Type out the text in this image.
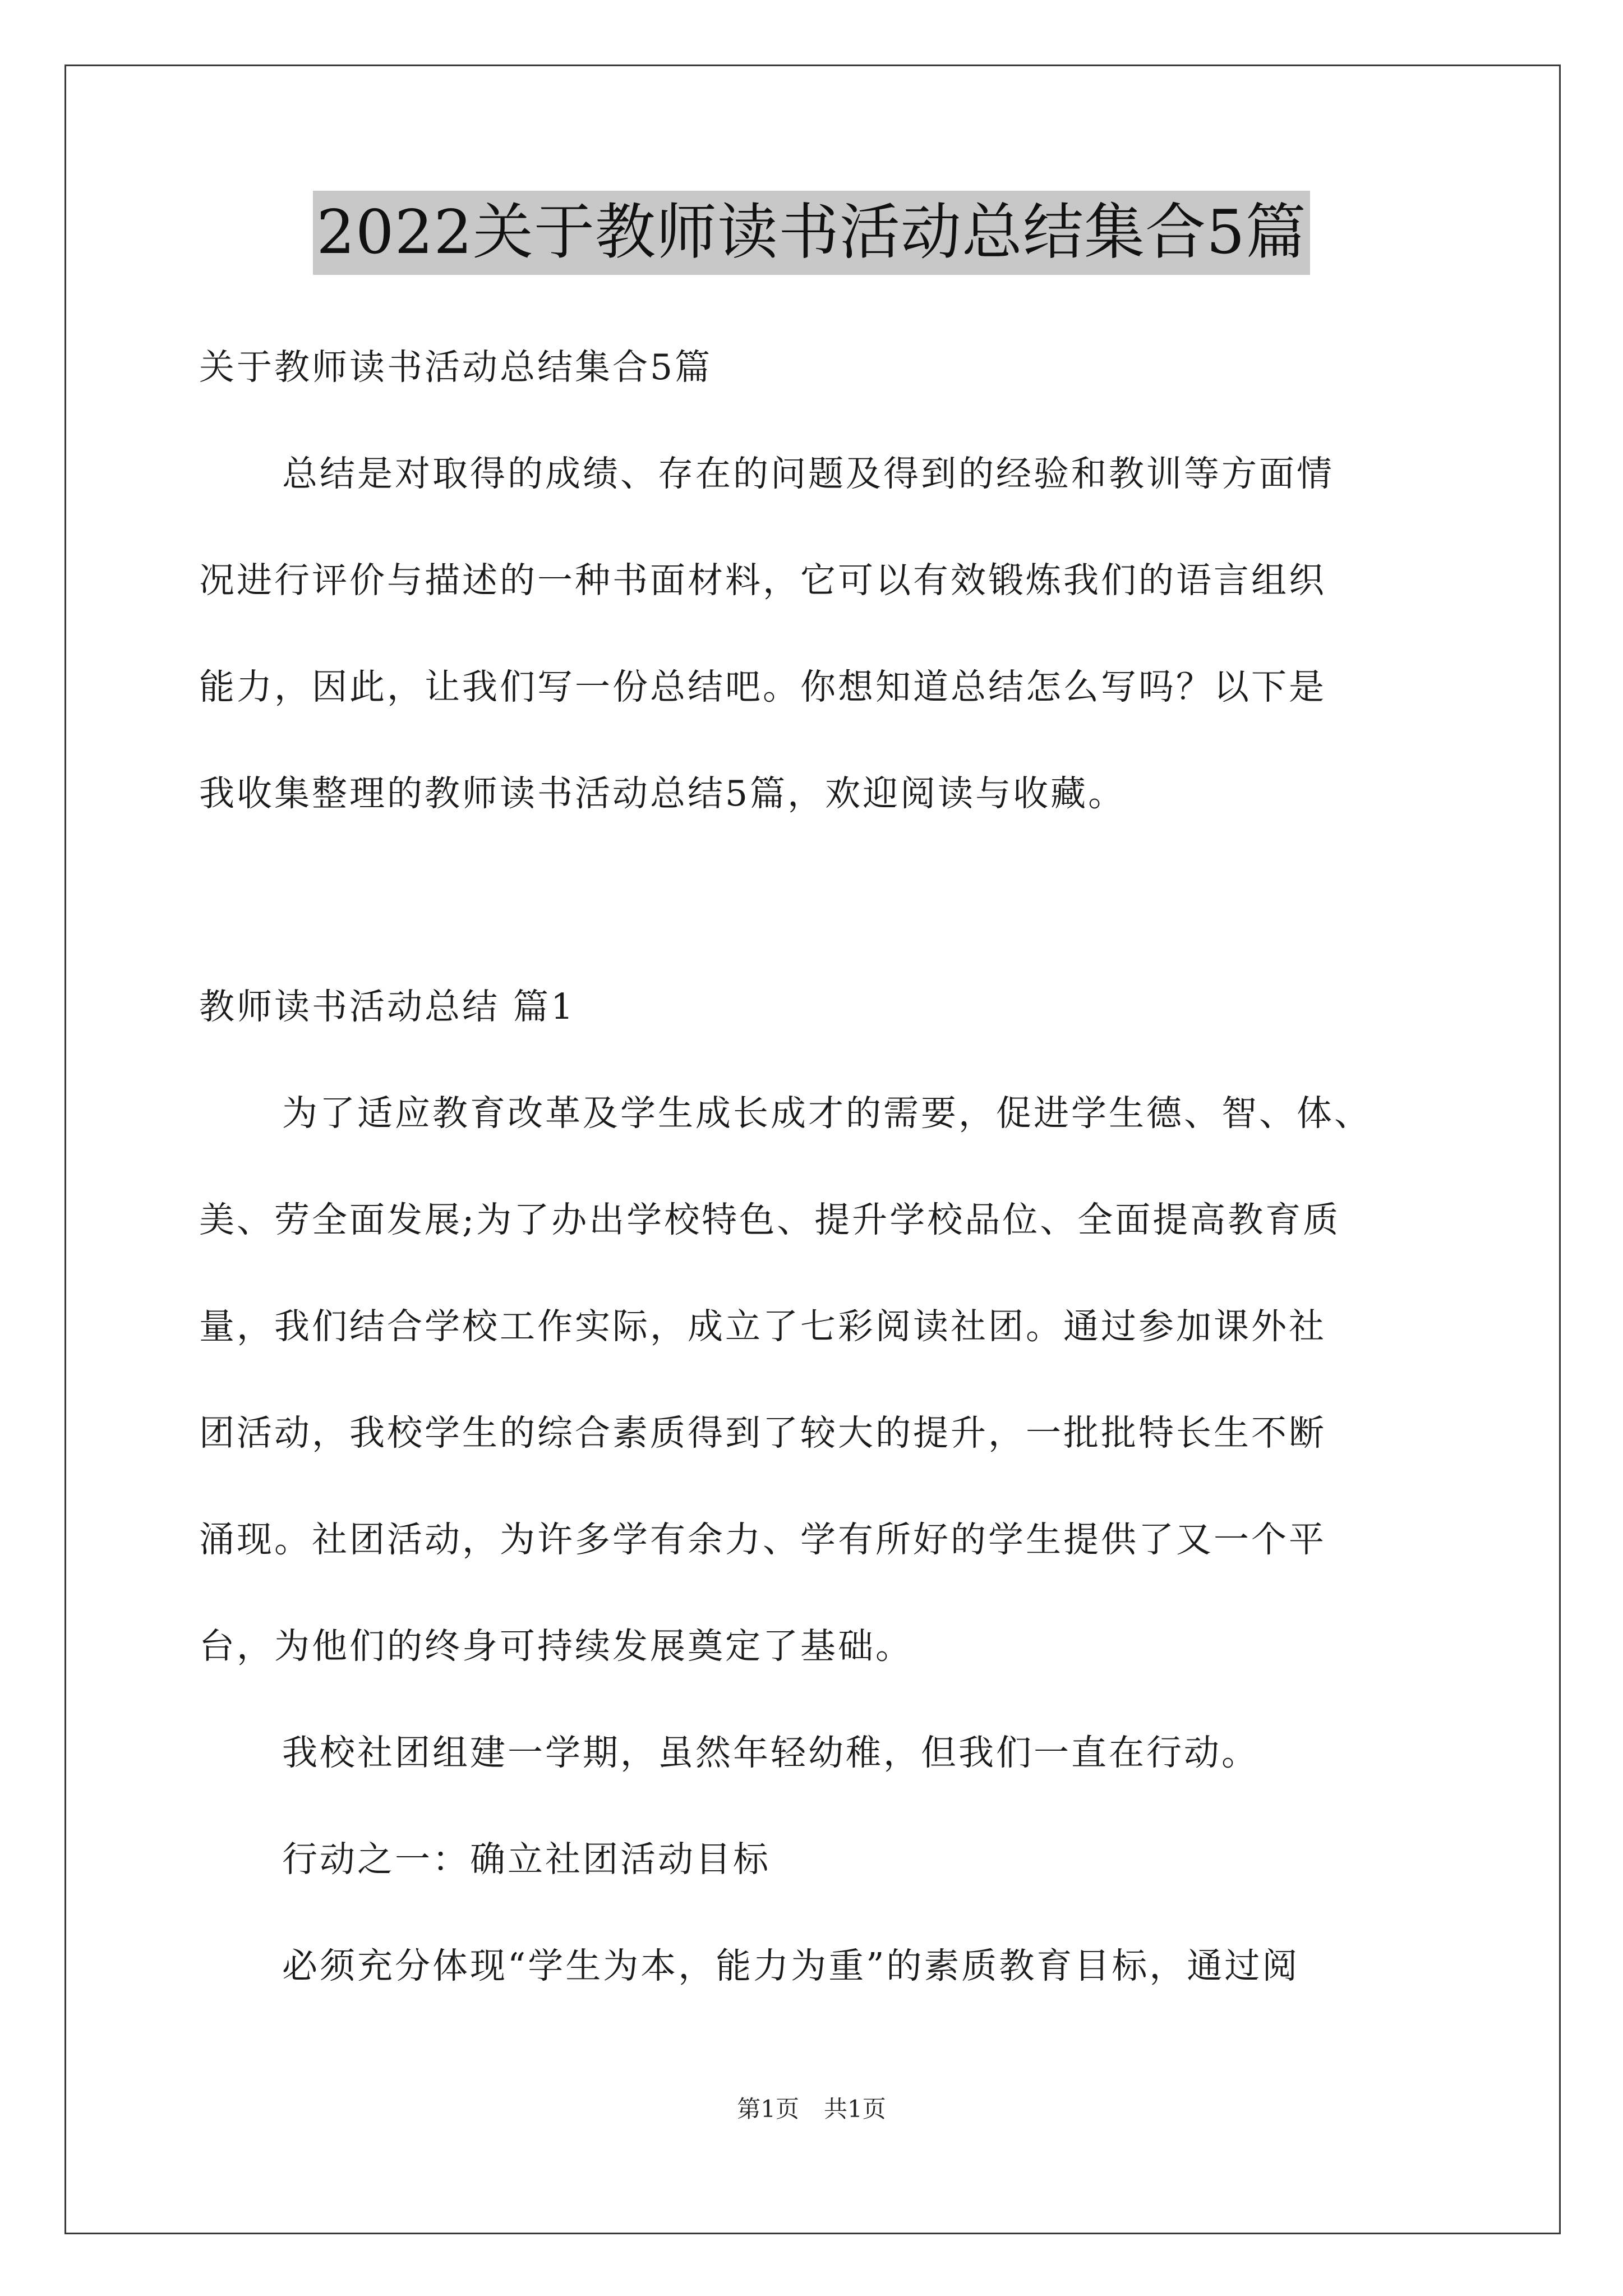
2022关于教师读书活动总结集合5篇
关于教师读书活动总结集合5篇
总结是对取得的成绩、存在的问题及得到的经验和教训等方面情
况进行评价与描述的一种书面材料，它可以有效锻炼我们的语言组织
能力，因此，让我们写一份总结吧。你想知道总结怎么写吗？以下是
我收集整理的教师读书活动总结5篇，欢迎阅读与收藏。
教师读书活动总结 篇1
为了适应教育改革及学生成长成才的需要，促进学生德、智、体、
美、劳全面发展;为了办出学校特色、提升学校品位、全面提高教育质
量，我们结合学校工作实际，成立了七彩阅读社团。通过参加课外社
团活动，我校学生的综合素质得到了较大的提升，一批批特长生不断
涌现。社团活动，为许多学有余力、学有所好的学生提供了又一个平
台，为他们的终身可持续发展奠定了基础。
我校社团组建一学期，虽然年轻幼稚，但我们一直在行动。
行动之一：确立社团活动目标
必须充分体现“学生为本，能力为重”的素质教育目标，通过阅
第1页 共1页
